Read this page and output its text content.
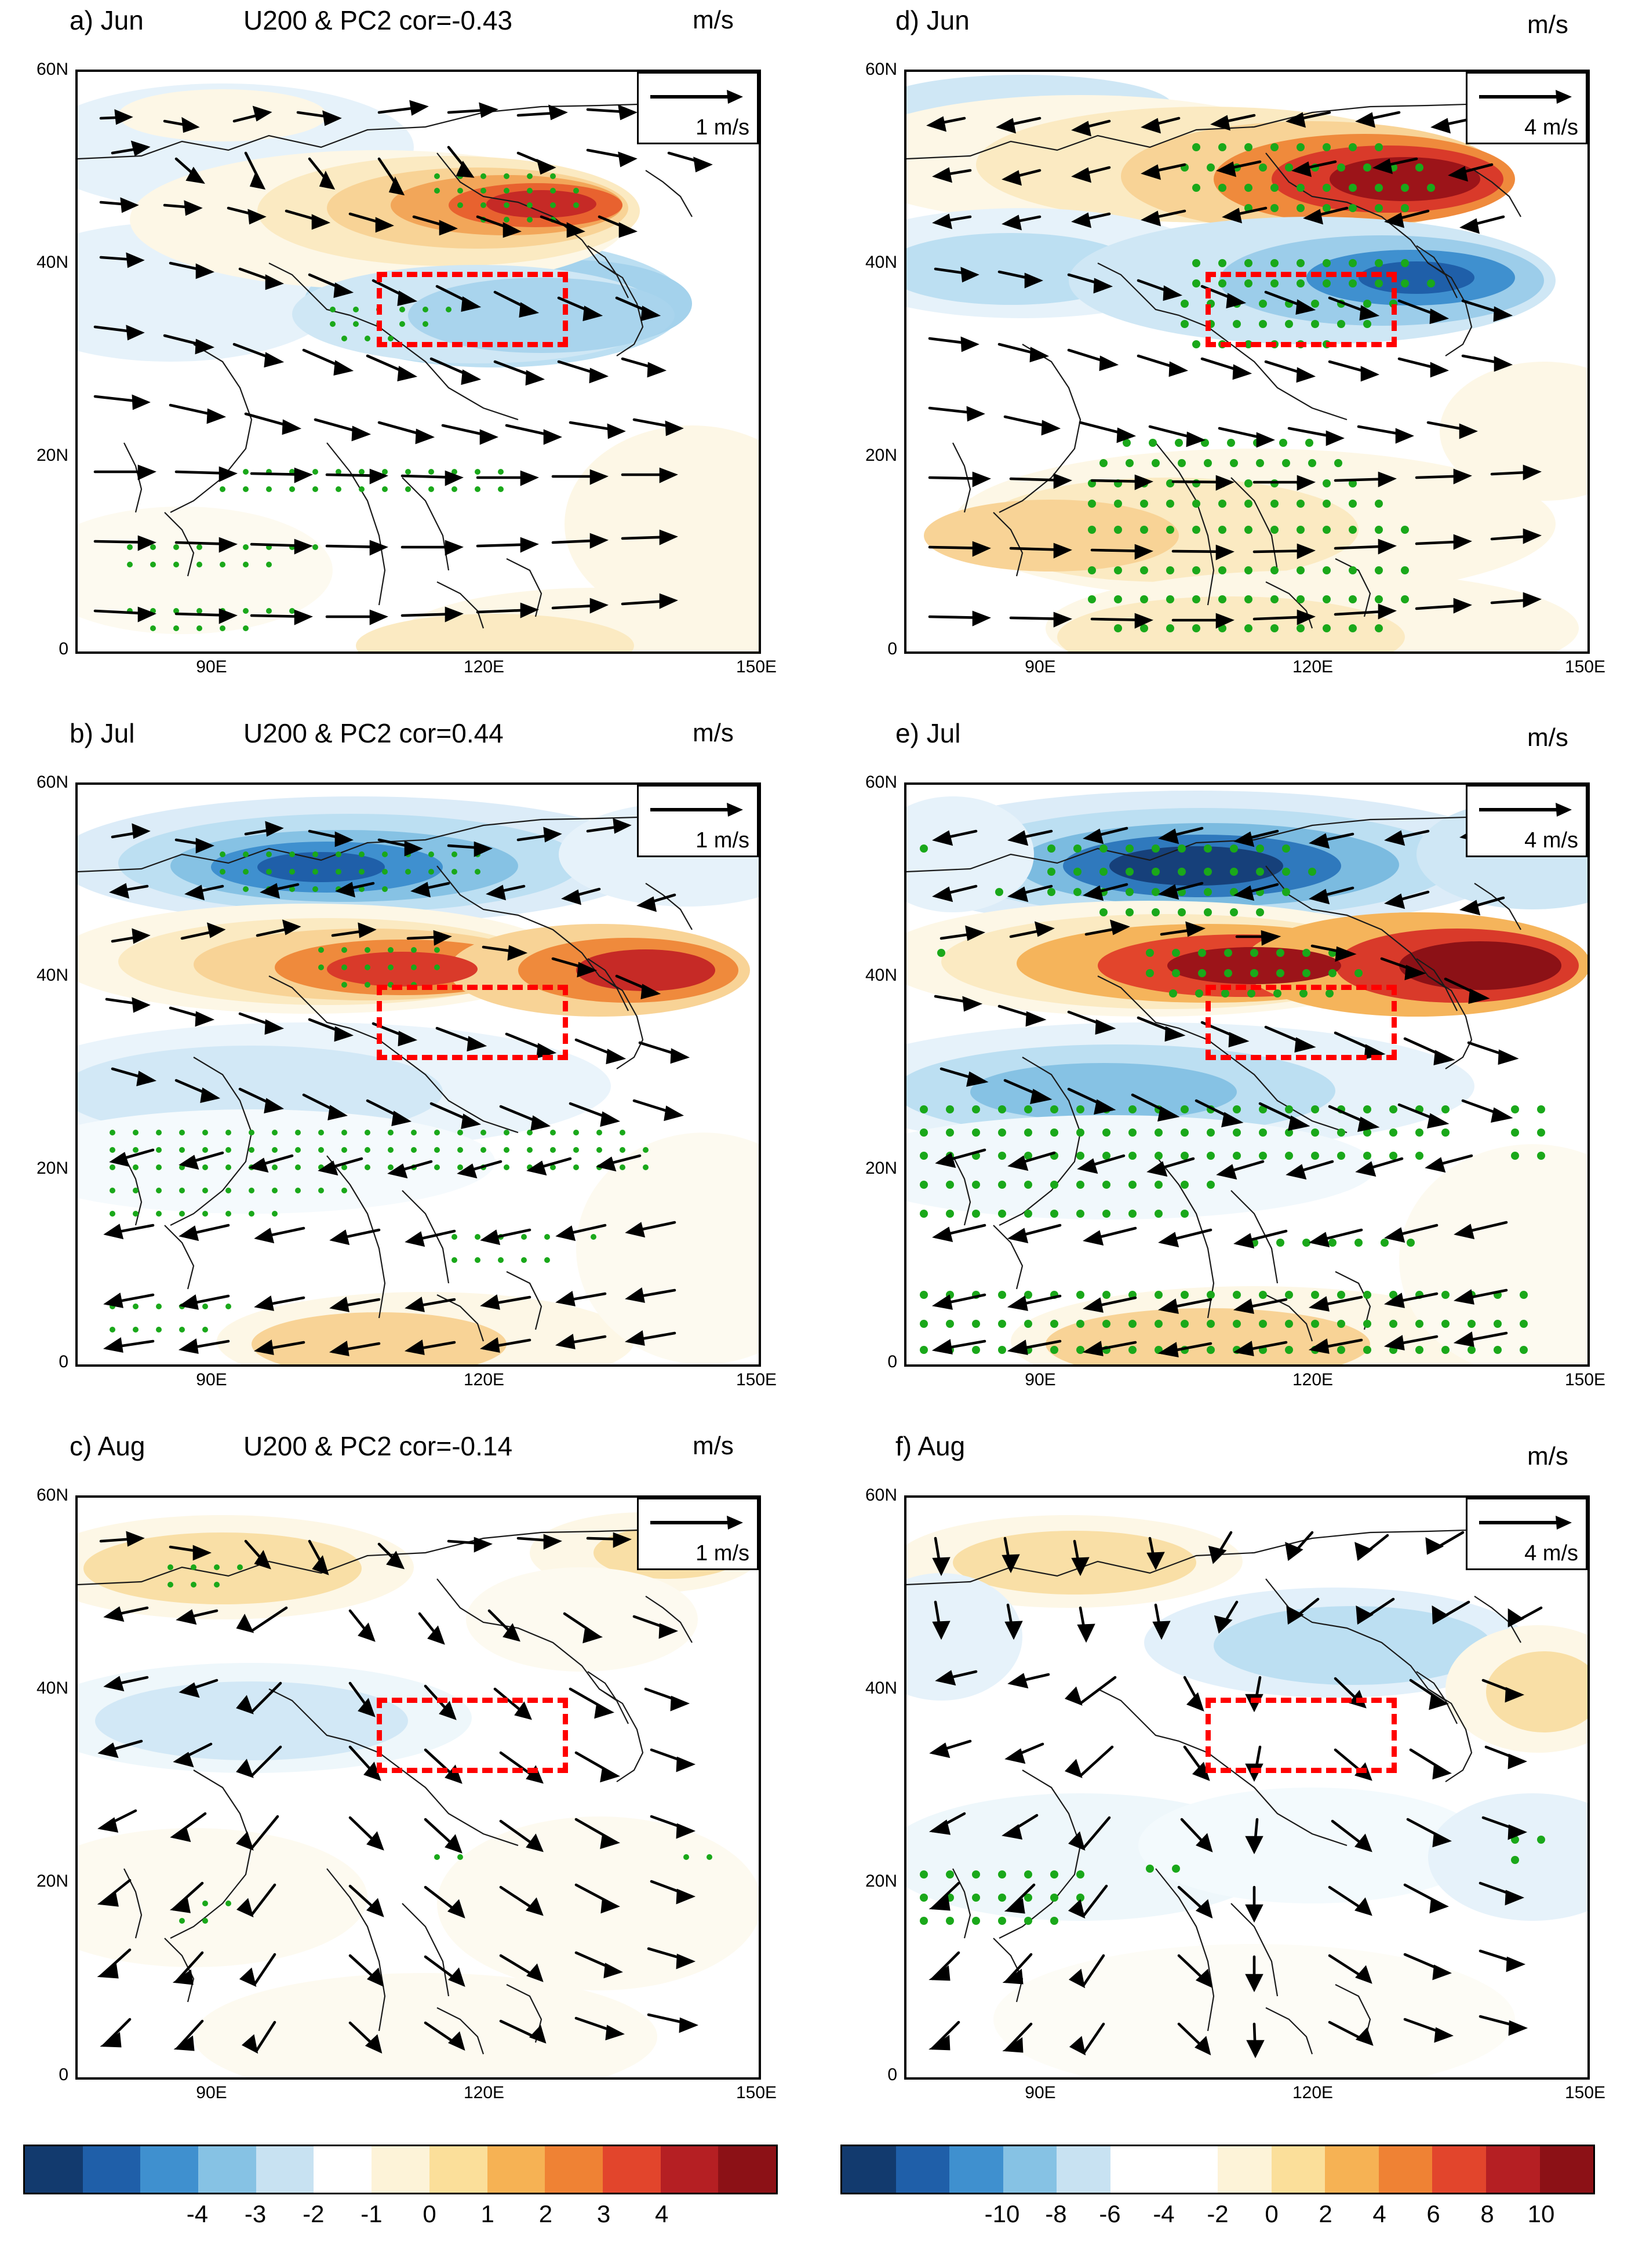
a) Jun	U200 & PC2 cor=-0.43	m/s
1 m/s
60N
40N
20N
0
90E	120E	150E
d) Jun	m/s
4 m/s
60N
40N
20N
0
90E	120E	150E
b) Jul	U200 & PC2 cor=0.44	m/s
1 m/s
60N
40N
20N
0
90E	120E	150E
e) Jul	m/s
4 m/s
60N
40N
20N
0
90E	120E	150E
c) Aug	U200 & PC2 cor=-0.14	m/s
1 m/s
60N
40N
20N
0
90E	120E	150E
f) Aug	m/s
4 m/s
60N
40N
20N
0
90E	120E	150E
-4 -3 -2 -1 0 1 2 3 4	-10 -8 -6 -4 -2 0 2 4 6 8 10
